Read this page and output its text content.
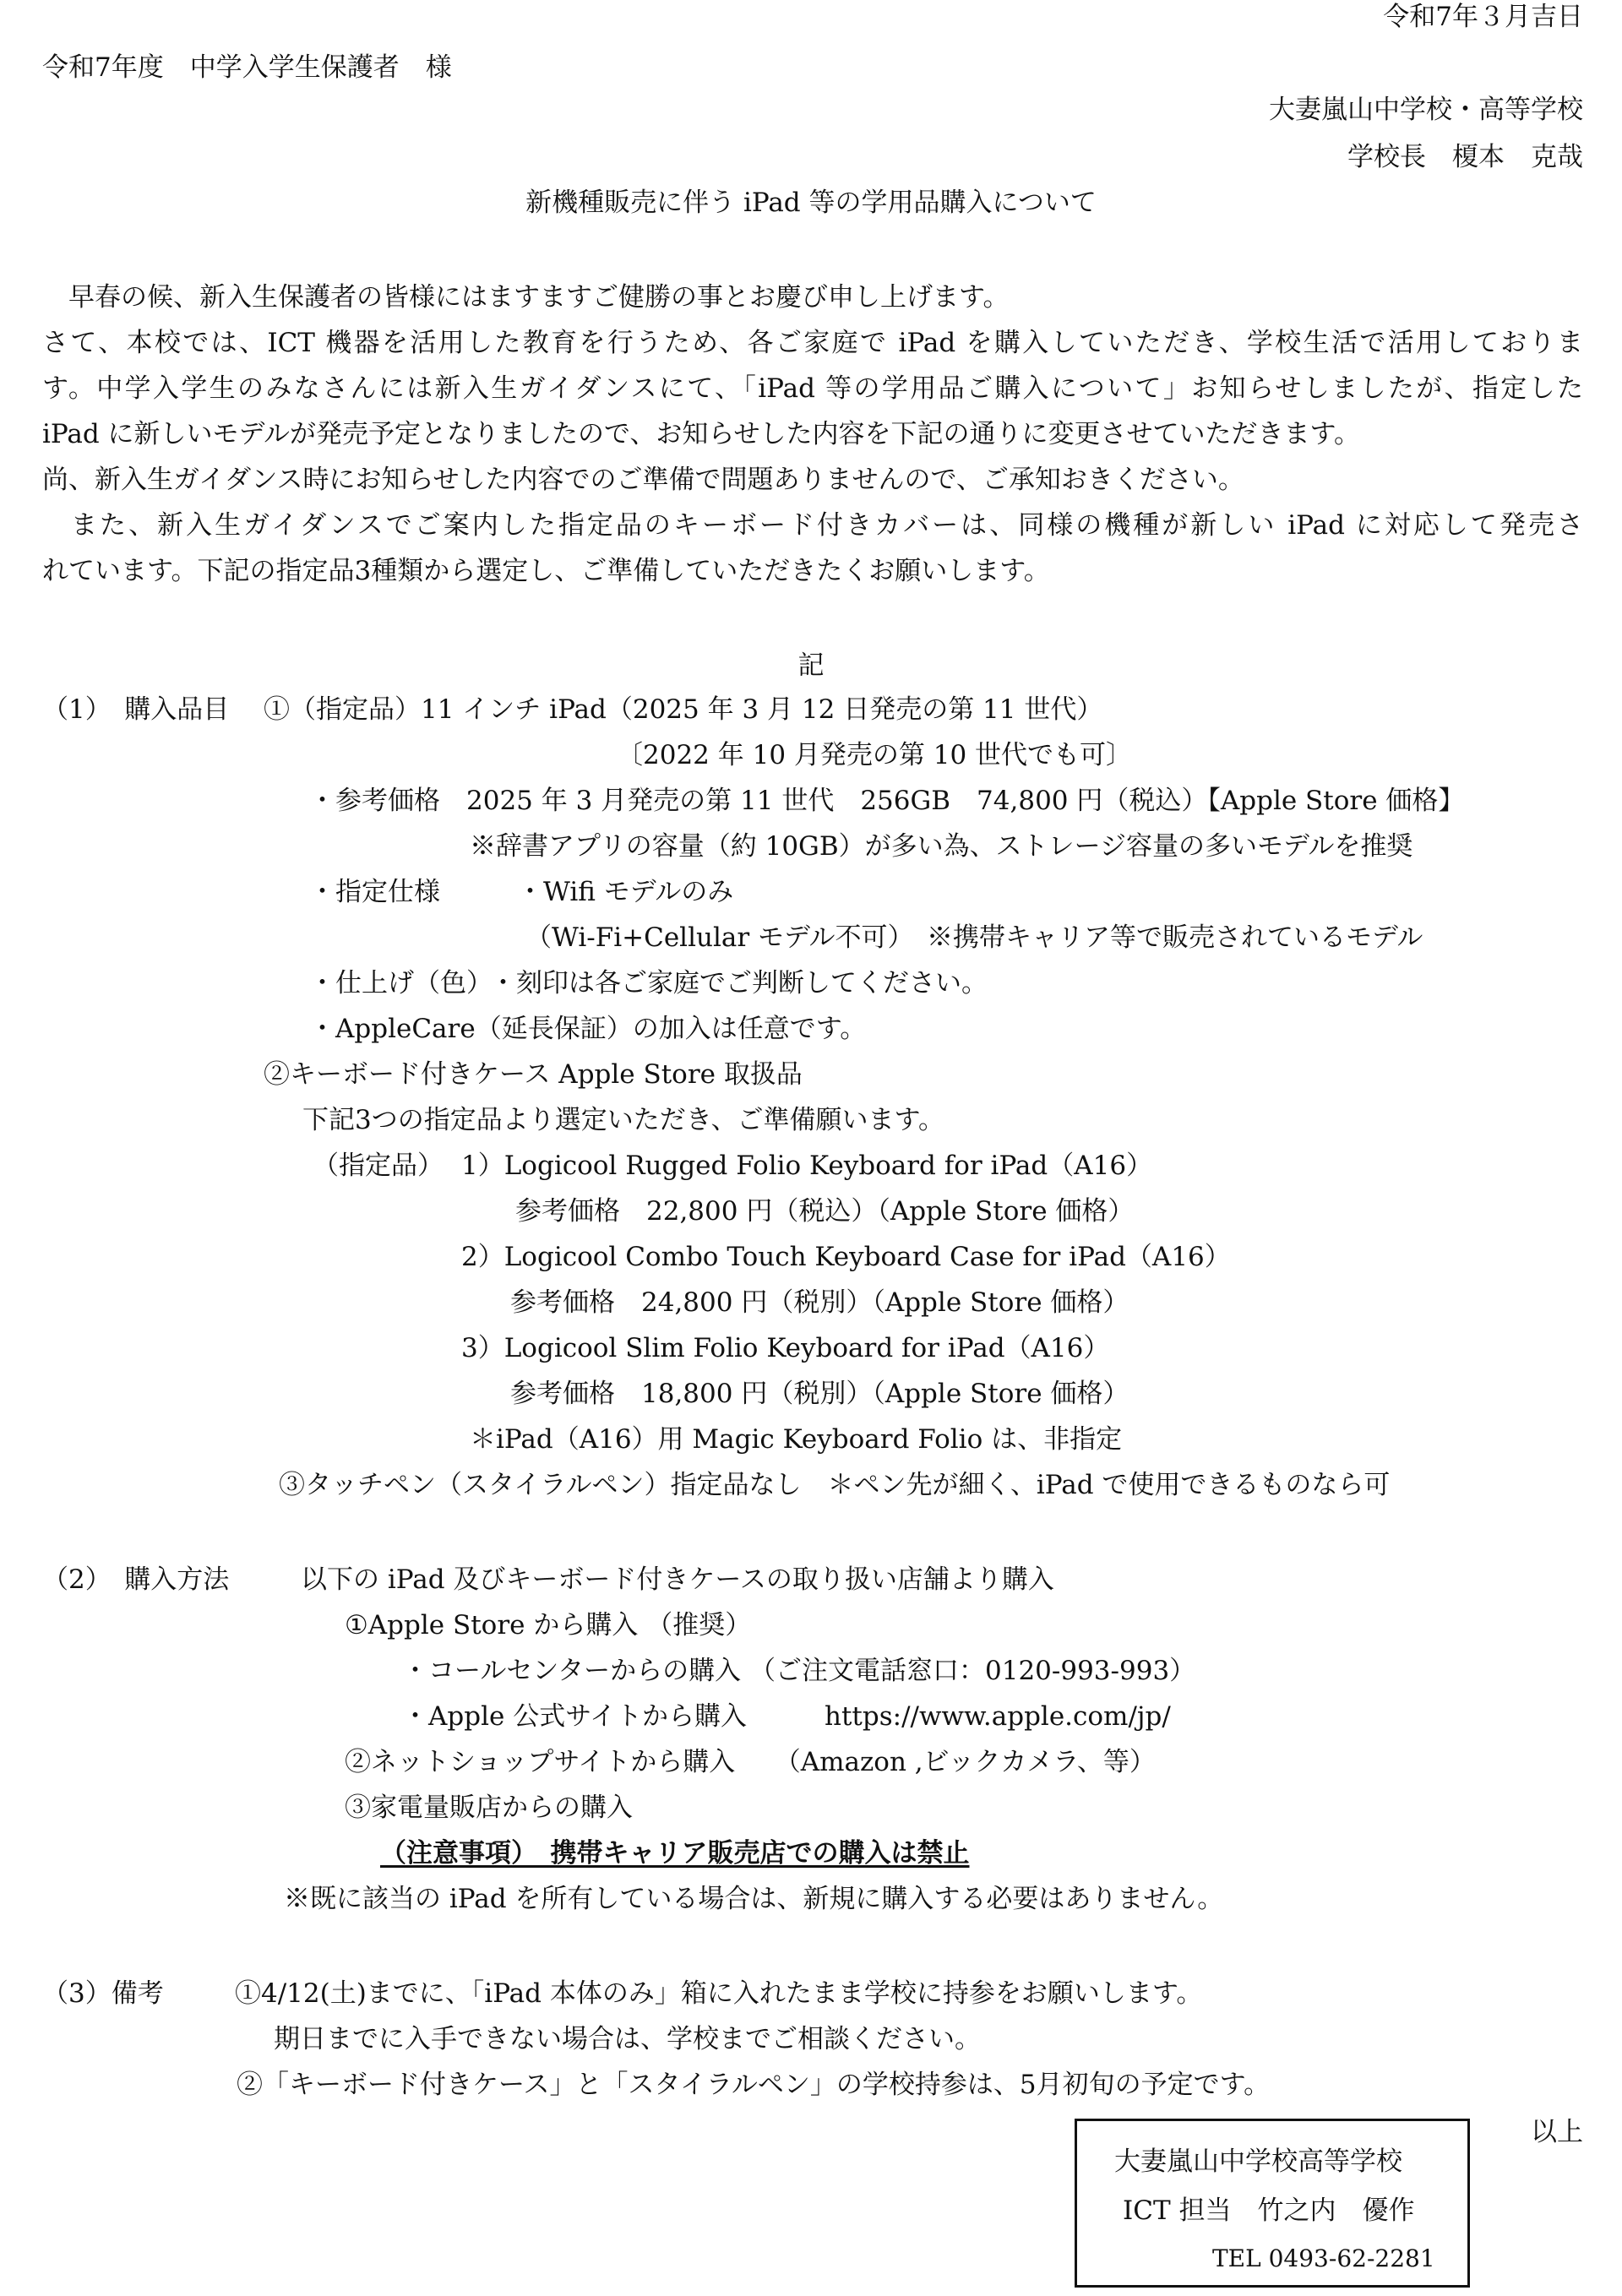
令和7年３月吉日
令和7年度　中学入学生保護者　様
大妻嵐山中学校・高等学校
学校長　榎本　克哉
新機種販売に伴う iPad 等の学用品購入について
　早春の候、新入生保護者の皆様にはますますご健勝の事とお慶び申し上げます。
さて、本校では、ICT 機器を活用した教育を行うため、各ご家庭で iPad を購入していただき、学校生活で活用しておりま
す。中学入学生のみなさんには新入生ガイダンスにて、「iPad 等の学用品ご購入について」お知らせしましたが、指定した
iPad に新しいモデルが発売予定となりましたので、お知らせした内容を下記の通りに変更させていただきます。
尚、新入生ガイダンス時にお知らせした内容でのご準備で問題ありませんので、ご承知おきください。
　また、新入生ガイダンスでご案内した指定品のキーボード付きカバーは、同様の機種が新しい iPad に対応して発売さ
れています。下記の指定品3種類から選定し、ご準備していただきたくお願いします。
記
（1）　購入品目 ①（指定品）11 インチ iPad（2025 年 3 月 12 日発売の第 11 世代）
〔2022 年 10 月発売の第 10 世代でも可〕
・参考価格　2025 年 3 月発売の第 11 世代　256GB　74,800 円（税込）【Apple Store 価格】
※辞書アプリの容量（約 10GB）が多い為、ストレージ容量の多いモデルを推奨
・指定仕様	・Wifi モデルのみ
（Wi-Fi+Cellular モデル不可）　※携帯キャリア等で販売されているモデル
・仕上げ（色）
・刻印は各ご家庭でご判断してください。
・AppleCare（延長保証）の加入は任意です。
②キーボード付きケース Apple Store 取扱品
下記3つの指定品より選定いただき、ご準備願います。
（指定品） 1）Logicool Rugged Folio Keyboard for iPad（A16）
参考価格　22,800 円（税込）（Apple Store 価格）
2）Logicool Combo Touch Keyboard Case for iPad（A16）
参考価格　24,800 円（税別）（Apple Store 価格）
3）Logicool Slim Folio Keyboard for iPad（A16）
参考価格　18,800 円（税別）（Apple Store 価格）
＊iPad（A16）用 Magic Keyboard Folio は、非指定
③タッチペン（スタイラルペン）指定品なし　＊ペン先が細く、iPad で使用できるものなら可
（2）　購入方法	以下の iPad 及びキーボード付きケースの取り扱い店舗より購入
①Apple Store から購入 （推奨）
・コールセンターからの購入 （ご注文電話窓口：0120-993-993）
・Apple 公式サイトから購入	https://www.apple.com/jp/
②ネットショップサイトから購入　　（Amazon ,ビックカメラ、等）
③家電量販店からの購入
（注意事項）　携帯キャリア販売店での購入は禁止
※既に該当の iPad を所有している場合は、新規に購入する必要はありません。
（3）備考	①4/12(土)までに、「iPad 本体のみ」箱に入れたまま学校に持参をお願いします。
期日までに入手できない場合は、学校までご相談ください。
②「キーボード付きケース」と「スタイラルペン」の学校持参は、5月初旬の予定です。
以上
大妻嵐山中学校高等学校
ICT 担当　竹之内　優作
TEL 0493-62-2281
